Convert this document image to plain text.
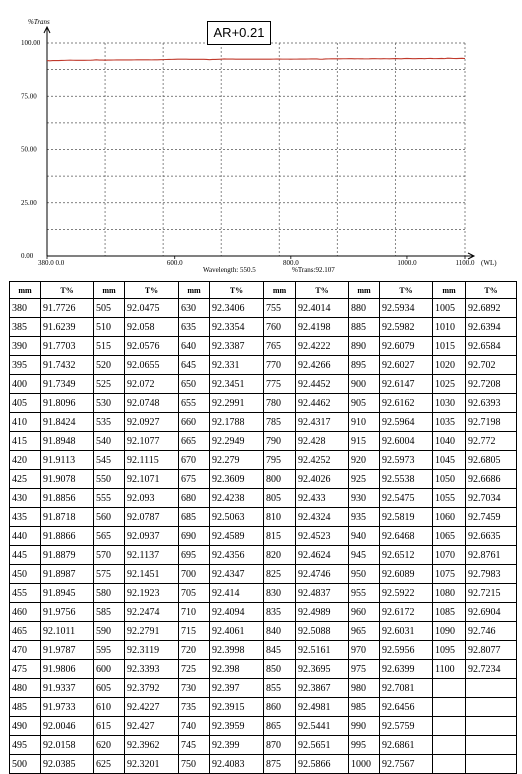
0.00
25.00
50.00
75.00
100.00
380.0 0.0	600.0	800.0	1000.0	1100.0
%Trans
(WL)
Wavelength: 550.5	%Trans:92.107
AR+0.21
mm	T%	mm	T%	mm	T%	mm	T%	mm	T%	mm	T%
380	91.7726	505	92.0475	630	92.3406	755	92.4014	880	92.5934	1005	92.6892
385	91.6239	510	92.058	635	92.3354	760	92.4198	885	92.5982	1010	92.6394
390	91.7703	515	92.0576	640	92.3387	765	92.4222	890	92.6079	1015	92.6584
395	91.7432	520	92.0655	645	92.331	770	92.4266	895	92.6027	1020	92.702
400	91.7349	525	92.072	650	92.3451	775	92.4452	900	92.6147	1025	92.7208
405	91.8096	530	92.0748	655	92.2991	780	92.4462	905	92.6162	1030	92.6393
410	91.8424	535	92.0927	660	92.1788	785	92.4317	910	92.5964	1035	92.7198
415	91.8948	540	92.1077	665	92.2949	790	92.428	915	92.6004	1040	92.772
420	91.9113	545	92.1115	670	92.279	795	92.4252	920	92.5973	1045	92.6805
425	91.9078	550	92.1071	675	92.3609	800	92.4026	925	92.5538	1050	92.6686
430	91.8856	555	92.093	680	92.4238	805	92.433	930	92.5475	1055	92.7034
435	91.8718	560	92.0787	685	92.5063	810	92.4324	935	92.5819	1060	92.7459
440	91.8866	565	92.0937	690	92.4589	815	92.4523	940	92.6468	1065	92.6635
445	91.8879	570	92.1137	695	92.4356	820	92.4624	945	92.6512	1070	92.8761
450	91.8987	575	92.1451	700	92.4347	825	92.4746	950	92.6089	1075	92.7983
455	91.8945	580	92.1923	705	92.414	830	92.4837	955	92.5922	1080	92.7215
460	91.9756	585	92.2474	710	92.4094	835	92.4989	960	92.6172	1085	92.6904
465	92.1011	590	92.2791	715	92.4061	840	92.5088	965	92.6031	1090	92.746
470	91.9787	595	92.3119	720	92.3998	845	92.5161	970	92.5956	1095	92.8077
475	91.9806	600	92.3393	725	92.398	850	92.3695	975	92.6399	1100	92.7234
480	91.9337	605	92.3792	730	92.397	855	92.3867	980	92.7081		
485	91.9733	610	92.4227	735	92.3915	860	92.4981	985	92.6456		
490	92.0046	615	92.427	740	92.3959	865	92.5441	990	92.5759		
495	92.0158	620	92.3962	745	92.399	870	92.5651	995	92.6861		
500	92.0385	625	92.3201	750	92.4083	875	92.5866	1000	92.7567		
